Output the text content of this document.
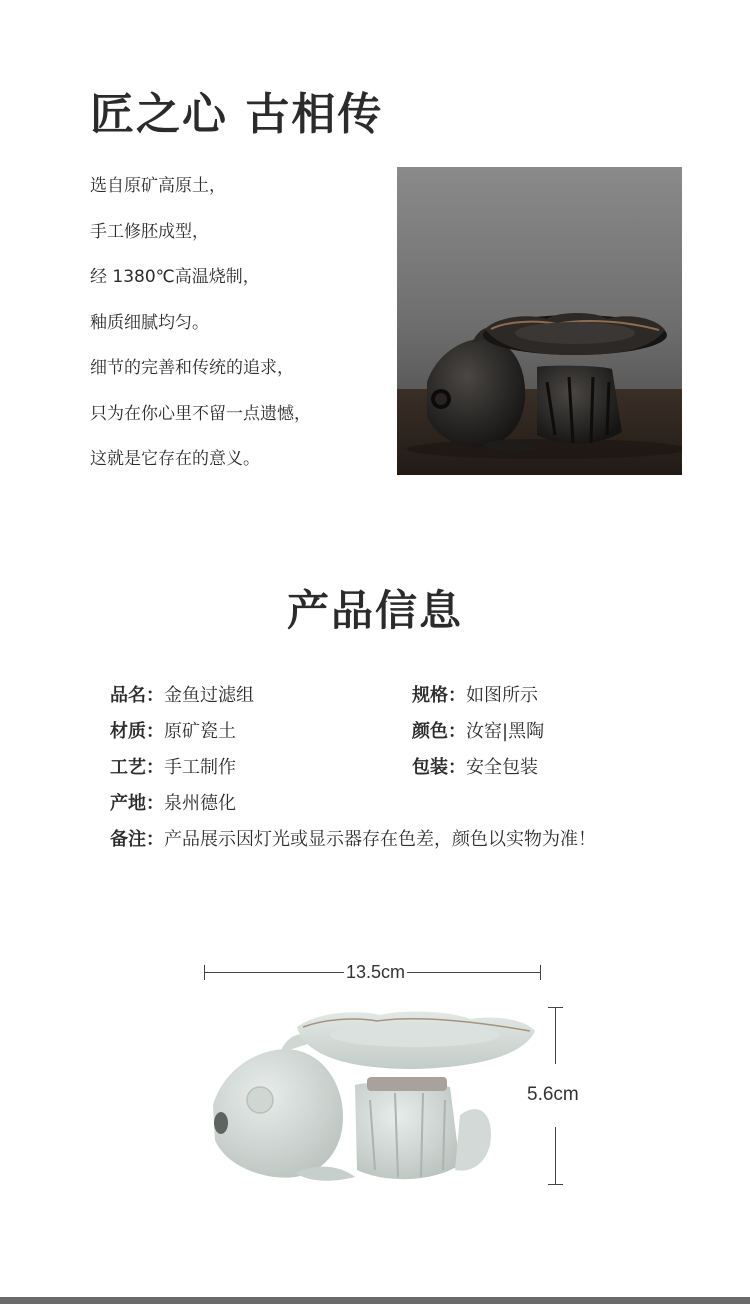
匠之心 古相传
选自原矿高原土，
手工修胚成型，
经 1380℃高温烧制，
釉质细腻均匀。
细节的完善和传统的追求，
只为在你心里不留一点遗憾，
这就是它存在的意义。
产品信息
品名：金鱼过滤组	规格：如图所示
材质：原矿瓷土	颜色：汝窑|黑陶
工艺：手工制作	包装：安全包装
产地：泉州德化
备注：产品展示因灯光或显示器存在色差，颜色以实物为准！
13.5cm
5.6cm
